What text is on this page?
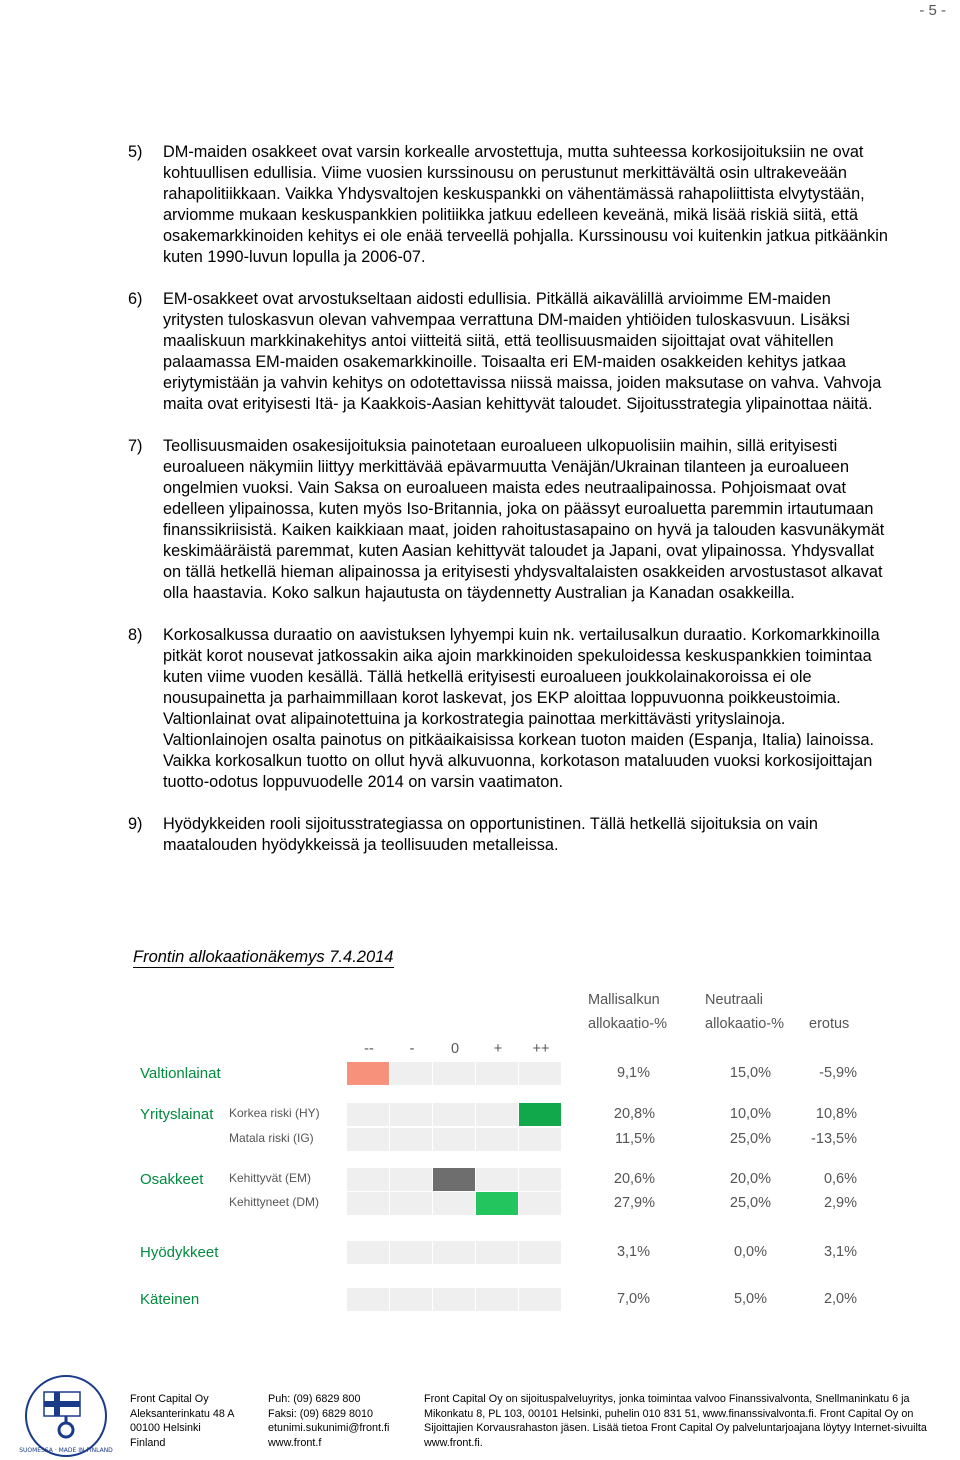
- 5 -
5)	DM-maiden osakkeet ovat varsin korkealle arvostettuja, mutta suhteessa korkosijoituksiin ne ovat kohtuullisen edullisia. Viime vuosien kurssinousu on perustunut merkittävältä osin ultrakeveään rahapolitiikkaan. Vaikka Yhdysvaltojen keskuspankki on vähentämässä rahapoliittista elvytystään, arviomme mukaan keskuspankkien politiikka jatkuu edelleen keveänä, mikä lisää riskiä siitä, että osakemarkkinoiden kehitys ei ole enää terveellä pohjalla. Kurssinousu voi kuitenkin jatkua pitkäänkin kuten 1990-luvun lopulla ja 2006-07.
6)	EM-osakkeet ovat arvostukseltaan aidosti edullisia. Pitkällä aikavälillä arvioimme EM-maiden yritysten tuloskasvun olevan vahvempaa verrattuna DM-maiden yhtiöiden tuloskasvuun. Lisäksi maaliskuun markkinakehitys antoi viitteitä siitä, että teollisuusmaiden sijoittajat ovat vähitellen palaamassa EM-maiden osakemarkkinoille. Toisaalta eri EM-maiden osakkeiden kehitys jatkaa eriytymistään ja vahvin kehitys on odotettavissa niissä maissa, joiden maksutase on vahva. Vahvoja maita ovat erityisesti Itä- ja Kaakkois-Aasian kehittyvät taloudet. Sijoitusstrategia ylipainottaa näitä.
7)	Teollisuusmaiden osakesijoituksia painotetaan euroalueen ulkopuolisiin maihin, sillä erityisesti euroalueen näkymiin liittyy merkittävää epävarmuutta Venäjän/Ukrainan tilanteen ja euroalueen ongelmien vuoksi. Vain Saksa on euroalueen maista edes neutraalipainossa. Pohjoismaat ovat edelleen ylipainossa, kuten myös Iso-Britannia, joka on päässyt euroaluetta paremmin irtautumaan finanssikriisistä. Kaiken kaikkiaan maat, joiden rahoitustasapaino on hyvä ja talouden kasvunäkymät keskimääräistä paremmat, kuten Aasian kehittyvät taloudet ja Japani, ovat ylipainossa. Yhdysvallat on tällä hetkellä hieman alipainossa ja erityisesti yhdysvaltalaisten osakkeiden arvostustasot alkavat olla haastavia. Koko salkun hajautusta on täydennetty Australian ja Kanadan osakkeilla.
8)	Korkosalkussa duraatio on aavistuksen lyhyempi kuin nk. vertailusalkun duraatio. Korkomarkkinoilla pitkät korot nousevat jatkossakin aika ajoin markkinoiden spekuloidessa keskuspankkien toimintaa kuten viime vuoden kesällä. Tällä hetkellä erityisesti euroalueen joukkolainakoroissa ei ole nousupainetta ja parhaimmillaan korot laskevat, jos EKP aloittaa loppuvuonna poikkeustoimia. Valtionlainat ovat alipainotettuina ja korkostrategia painottaa merkittävästi yrityslainoja. Valtionlainojen osalta painotus on pitkäaikaisissa korkean tuoton maiden (Espanja, Italia) lainoissa. Vaikka korkosalkun tuotto on ollut hyvä alkuvuonna, korkotason mataluuden vuoksi korkosijoittajan tuotto-odotus loppuvuodelle 2014 on varsin vaatimaton.
9)	Hyödykkeiden rooli sijoitusstrategiassa on opportunistinen. Tällä hetkellä sijoituksia on vain maatalouden hyödykkeissä ja teollisuuden metalleissa.
Frontin allokaationäkemys 7.4.2014
Mallisalkun
allokaatio-%
Neutraali
allokaatio-% erotus
--	-	0	+	++
Valtionlainat	9,1%	15,0%	-5,9%
Yrityslainat Korkea riski (HY)	20,8%	10,0%	10,8%
Matala riski (IG)	11,5%	25,0%	-13,5%
Osakkeet Kehittyvät (EM)	20,6%	20,0%	0,6%
Kehittyneet (DM)	27,9%	25,0%	2,9%
Hyödykkeet	3,1%	0,0%	3,1%
Käteinen	7,0%	5,0%	2,0%
SUOMESSA · MADE IN FINLAND
Front Capital Oy
Aleksanterinkatu 48 A
00100 Helsinki
Finland
Puh: (09) 6829 800
Faksi: (09) 6829 8010
etunimi.sukunimi@front.fi
www.front.f
Front Capital Oy on sijoituspalveluyritys, jonka toimintaa valvoo Finanssivalvonta, Snellmaninkatu 6 ja
Mikonkatu 8, PL 103, 00101 Helsinki, puhelin 010 831 51, www.finanssivalvonta.fi. Front Capital Oy on
Sijoittajien Korvausrahaston jäsen. Lisää tietoa Front Capital Oy palveluntarjoajana löytyy Internet-sivuilta
www.front.fi.
